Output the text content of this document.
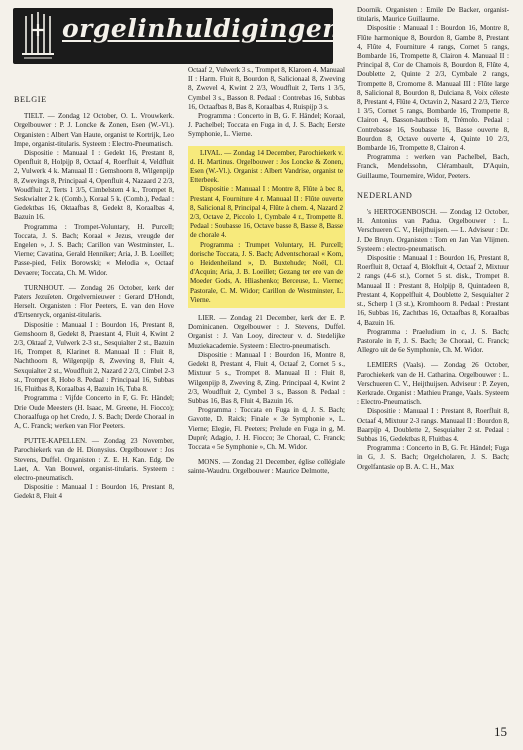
orgelinhuldigingen
BELGIE

TIELT. — Zondag 12 October, O. L. Vrouwkerk. Orgelbouwer : P. J. Loncke & Zonen, Esen (W.-Vl.). Organisten : Albert Van Haute, organist te Kortrijk, Leo Impe, organist-titularis. Systeem : Electro-Pneumatisch.

Dispositie : Manuaal I : Gedekt 16, Prestant 8, Openfluit 8, Holpijp 8, Octaaf 4, Roerfluit 4, Veldfluit 2, Vulwerk 4 k. Manuaal II : Gemshoorn 8, Wilgenpijp 8, Zwevings 8, Principaal 4, Openfluit 4, Nazaard 2 2/3, Woudfluit 2, Terts 1 3/5, Cimbelstem 4 k., Trompet 8, Seskwialter 2 k. (Comb.), Koraal 5 k. (Comb.), Pedaal : Gedektbas 16, Oktaafbas 8, Gedekt 8, Koraalbas 4, Bazuin 16.

Programma : Trompet-Voluntary, H. Purcell; Toccata, J. S. Bach; Koraal « Jezus, vreugde der Engelen », J. S. Bach; Carillon van Westminster, L. Vierne; Cavatina, Gerald Henniker; Aria, J. B. Loeillet; Passe-pied, Felix Borowski; « Melodia », Octaaf Devaere; Toccata, Ch. M. Widor.

TURNHOUT. — Zondag 26 October, kerk der Paters Jezuïeten. Orgelvernieuwer : Gerard D'Hondt, Herselt. Organisten : Flor Peeters, E. van den Hove d'Ertsenryck, organist-titularis.

Dispositie : Manuaal I : Bourdon 16, Prestant 8, Gemshoorn 8, Gedekt 8, Praestant 4, Fluit 4, Kwint 2 2/3, Oktaaf 2, Vulwerk 2-3 st., Sesquialter 2 st., Bazuin 16, Trompet 8, Klarinet 8. Manuaal II : Fluit 8, Nachthoorn 8, Wilgenpijp 8, Zweving 8, Fluit 4, Sexquialter 2 st., Woudfluit 2, Nazard 2 2/3, Cimbel 2-3 st., Trompet 8, Hobo 8. Pedaal : Principaal 16, Subbas 16, Fluitbas 8, Koraalbas 4, Bazuin 16, Tuba 8.

Programma : Vijfde Concerto in F, G. Fr. Händel; Drie Oude Meesters (H. Isaac, M. Greene, H. Fiocco); Choraalfuga op het Credo, J. S. Bach; Derde Choraal in A, C. Franck; werken van Flor Peeters.

PUTTE-KAPELLEN. — Zondag 23 November, Parochiekerk van de H. Dionysius. Orgelbouwer : Jos Stevens, Duffel. Organisten : Z. E. H. Kan. Edg. De Laet, A. Van Bouwel, organist-titularis. Systeem : electro-pneumatisch.

Dispositie : Manuaal I : Bourdon 16, Prestant 8, Gedekt 8, Fluit 4

Octaaf 2, Vulwerk 3 s., Trompet 8, Klaroen 4. Manuaal II : Harm. Fluit 8, Bourdon 8, Salicionaal 8, Zweving 8, Zwevel 4, Kwint 2 2/3, Woudfluit 2, Terts 1 3/5, Cymbel 3 s., Basson 8. Pedaal : Contrebas 16, Subbas 16, Octaafbas 8, Bas 8, Koraalbas 4, Ruispijp 3 s.

Programma : Concerto in B, G. F. Händel; Koraal, J. Pachelbel; Toccata en Fuga in d, J. S. Bach; Eerste Symphonie, L. Vierne.

LIVAL. — Zondag 14 December, Parochiekerk v. d. H. Martinus. Orgelbouwer : Jos Loncke & Zonen, Esen (W.-Vl.). Organist : Albert Vandrise, organist te Etterbeek.

Dispositie : Manuaal I : Montre 8, Flûte à bec 8, Prestant 4, Fourniture 4 r. Manuaal II : Flûte ouverte 8, Salicional 8, Principal 4, Flûte à chem. 4, Nazard 2 2/3, Octave 2, Piccolo 1, Cymbale 4 r., Trompette 8. Pedaal : Soubasse 16, Octave basse 8, Basse 8, Basse de chorale 4.

Programma : Trumpet Voluntary, H. Purcell; dorische Toccata, J. S. Bach; Adventschoraal « Kom, o Heidenheiland », D. Buxtehude; Noël, Cl. d'Acquin; Aria, J. B. Loeillet; Gezang ter ere van de Moeder Gods, A. Hliashenko; Berceuse, L. Vierne; Pastorale, C. M. Widor; Carillon de Westminster, L. Vierne.

LIER. — Zondag 21 December, kerk der E. P. Dominicanen. Orgelbouwer : J. Stevens, Duffel. Organist : J. Van Looy, directeur v. d. Stedelijke Muziekacademie. Systeem : Electro-pneumatisch.

Dispositie : Manuaal I : Bourdon 16, Montre 8, Gedekt 8, Prestant 4, Fluit 4, Octaaf 2, Cornet 5 s., Mixtuur 5 s., Trompet 8. Manuaal II : Fluit 8, Wilgenpijp 8, Zweving 8, Zing. Principaal 4, Kwint 2 2/3, Woudfluit 2, Cymbel 3 s., Basson 8. Pedaal : Subbas 16, Bas 8, Fluit 4, Bazuin 16.

Programma : Toccata en Fuga in d, J. S. Bach; Gavotte, D. Raick; Finale « 3e Symphonie », L. Vierne; Elegie, Fl. Peeters; Prelude en Fuga in g, M. Dupré; Adagio, J. H. Fiocco; 3e Choraal, C. Franck; Toccata « 5e Symphonie », Ch. M. Widor.

MONS. — Zondag 21 December, église collégiale sainte-Waudru. Orgelbouwer : Maurice Delmotte,

Doornik. Organisten : Emile De Backer, organist-titularis, Maurice Guillaume.

Dispositie : Manuaal I : Bourdon 16, Montre 8, Flûte harmonique 8, Bourdon 8, Gambe 8, Prestant 4, Flûte 4, Fourniture 4 rangs, Cornet 5 rangs, Bombarde 16, Trompette 8, Clairon 4. Manuaal II : Principal 8, Cor de Chamois 8, Bourdon 8, Flûte 4, Doublette 2, Quinte 2 2/3, Cymbale 2 rangs, Trompette 8, Cromorne 8. Manuaal III : Flûte large 8, Salicional 8, Bourdon 8, Dulciana 8, Voix céleste 8, Prestant 4, Flûte 4, Octavin 2, Nasard 2 2/3, Tierce 1 3/5, Cornet 5 rangs, Bombarde 16, Trompette 8, Clairon 4, Basson-hautbois 8, Trémolo. Pedaal : Contrebasse 16, Soubasse 16, Basse ouverte 8, Bourdon 8, Octave ouverte 4, Quinte 10 2/3, Bombarde 16, Trompette 8, Clairon 4.

Programma : werken van Pachelbel, Bach, Franck, Mendelssohn, Clérambault, D'Aquin, Guillaume, Tournemire, Widor, Peeters.

NEDERLAND

's HERTOGENBOSCH. — Zondag 12 October, H. Antonius van Padua. Orgelbouwer : L. Verschueren C. V., Heijthuijsen. — L. Adviseur : Dr. J. De Bruyn. Organisten : Tom en Jan Van Vlijmen. Systeem : electro-pneumatisch.

Dispositie : Manuaal I : Bourdon 16, Prestant 8, Roerfluit 8, Octaaf 4, Blokfluit 4, Octaaf 2, Mixtuur 2 rangs (4-6 st.), Cornet 5 st. disk., Trompet 8. Manuaal II : Prestant 8, Holpijp 8, Quintadeen 8, Prestant 4, Koppelfluit 4, Doublette 2, Sesquialter 2 st., Scherp 1 (3 st.), Kromhoorn 8. Pedaal : Prestant 16, Subbas 16, Zachtbas 16, Octaafbas 8, Koraalbas 4, Bazuin 16.

Programma : Praeludium in c, J. S. Bach; Pastorale in F, J. S. Bach; 3e Choraal, C. Franck; Allegro uit de 6e Symphonie, Ch. M. Widor.

LEMIERS (Vaals). — Zondag 26 October, Parochiekerk van de H. Catharina. Orgelbouwer : L. Verschueren C. V., Heijthuijsen. Adviseur : P. Zeyen, Kerkrade. Organist : Mathieu Prange, Vaals. Systeem : Electro-Pneumatisch.

Dispositie : Manuaal I : Prestant 8, Roerfluit 8, Octaaf 4, Mixtuur 2-3 rangs. Manuaal II : Bourdon 8, Baarpijp 4, Doublette 2, Sesquialter 2 st. Pedaal : Subbas 16, Gedektbas 8, Fluitbas 4.

Programma : Concerto in B, G. Fr. Händel; Fuga in G, J. S. Bach; Orgelcholaren, J. S. Bach; Orgelfantasie op B. A. C. H., Max

15
